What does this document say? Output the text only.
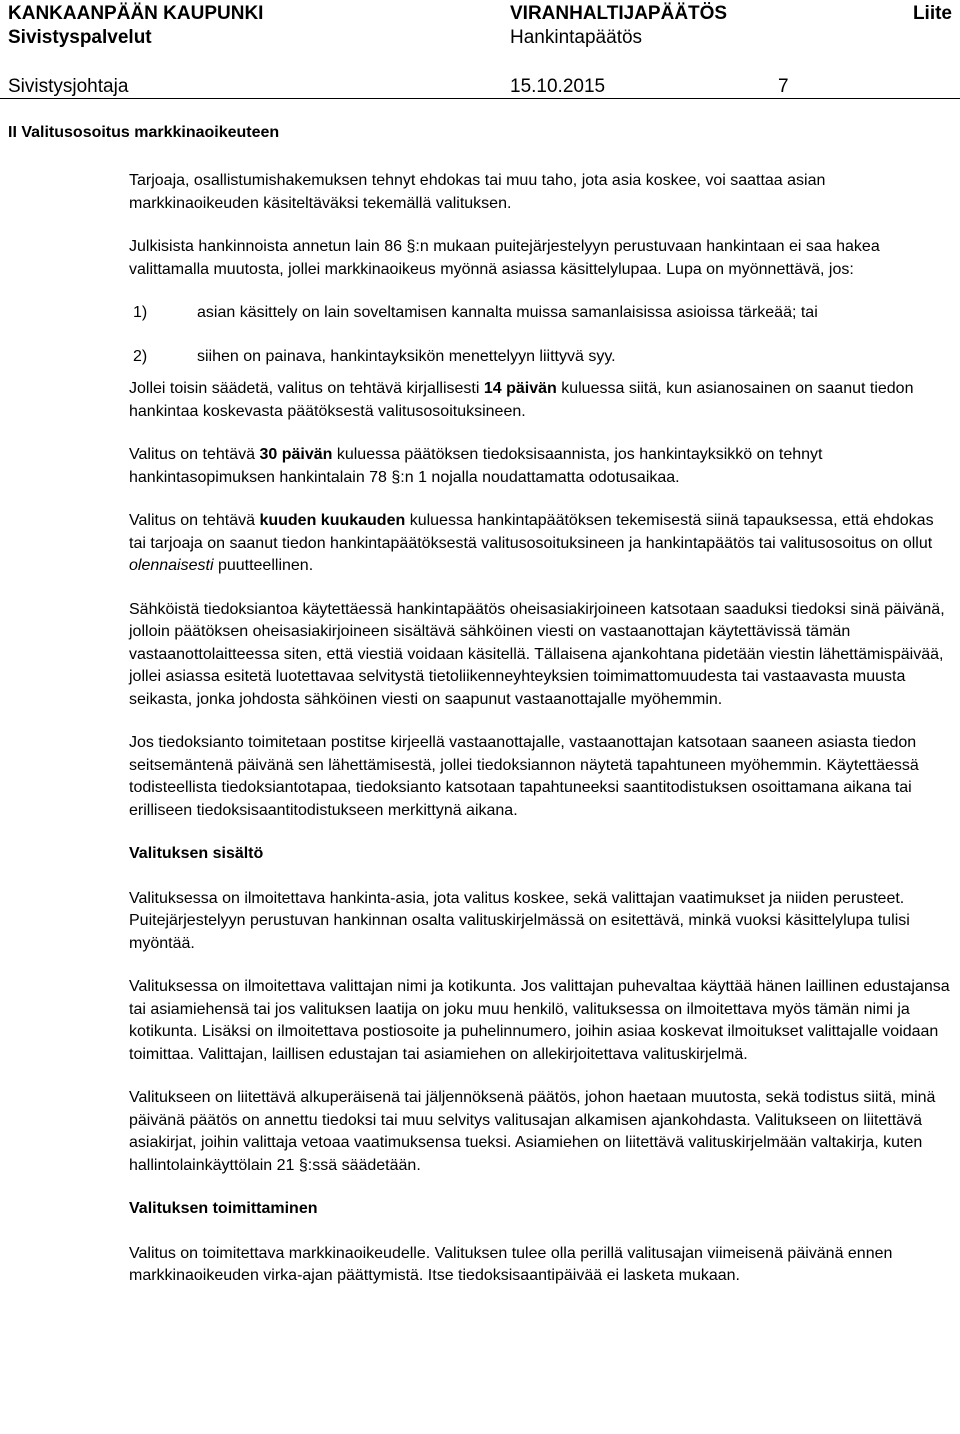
KANKAANPÄÄN KAUPUNKI	VIRANHALTIJAPÄÄTÖS	Liite
Sivistyspalvelut	Hankintapäätös
Sivistysjohtaja	15.10.2015	7
II Valitusosoitus markkinaoikeuteen

Tarjoaja, osallistumishakemuksen tehnyt ehdokas tai muu taho, jota asia koskee, voi saattaa asian markkinaoikeuden käsiteltäväksi tekemällä valituksen.

Julkisista hankinnoista annetun lain 86 §:n mukaan puitejärjestelyyn perustuvaan hankintaan ei saa hakea valittamalla muutosta, jollei markkinaoikeus myönnä asiassa käsittelylupaa. Lupa on myönnettävä, jos:

1)	asian käsittely on lain soveltamisen kannalta muissa samanlaisissa asioissa tärkeää; tai
2)	siihen on painava, hankintayksikön menettelyyn liittyvä syy.

Jollei toisin säädetä, valitus on tehtävä kirjallisesti 14 päivän kuluessa siitä, kun asianosainen on saanut tiedon hankintaa koskevasta päätöksestä valitusosoituksineen.

Valitus on tehtävä 30 päivän kuluessa päätöksen tiedoksisaannista, jos hankintayksikkö on tehnyt hankintasopimuksen hankintalain 78 §:n 1 nojalla noudattamatta odotusaikaa.

Valitus on tehtävä kuuden kuukauden kuluessa hankintapäätöksen tekemisestä siinä tapauksessa, että ehdokas tai tarjoaja on saanut tiedon hankintapäätöksestä valitusosoituksineen ja hankintapäätös tai valitusosoitus on ollut olennaisesti puutteellinen.

Sähköistä tiedoksiantoa käytettäessä hankintapäätös oheisasiakirjoineen katsotaan saaduksi tiedoksi sinä päivänä, jolloin päätöksen oheisasiakirjoineen sisältävä sähköinen viesti on vastaanottajan käytettävissä tämän vastaanottolaitteessa siten, että viestiä voidaan käsitellä. Tällaisena ajankohtana pidetään viestin lähettämispäivää, jollei asiassa esitetä luotettavaa selvitystä tietoliikenneyhteyksien toimimattomuudesta tai vastaavasta muusta seikasta, jonka johdosta sähköinen viesti on saapunut vastaanottajalle myöhemmin.

Jos tiedoksianto toimitetaan postitse kirjeellä vastaanottajalle, vastaanottajan katsotaan saaneen asiasta tiedon seitsemäntenä päivänä sen lähettämisestä, jollei tiedoksiannon näytetä tapahtuneen myöhemmin. Käytettäessä todisteellista tiedoksiantotapaa, tiedoksianto katsotaan tapahtuneeksi saantitodistuksen osoittamana aikana tai erilliseen tiedoksisaantitodistukseen merkittynä aikana.

Valituksen sisältö

Valituksessa on ilmoitettava hankinta-asia, jota valitus koskee, sekä valittajan vaatimukset ja niiden perusteet. Puitejärjestelyyn perustuvan hankinnan osalta valituskirjelmässä on esitettävä, minkä vuoksi käsittelylupa tulisi myöntää.

Valituksessa on ilmoitettava valittajan nimi ja kotikunta. Jos valittajan puhevaltaa käyttää hänen laillinen edustajansa tai asiamiehensä tai jos valituksen laatija on joku muu henkilö, valituksessa on ilmoitettava myös tämän nimi ja kotikunta. Lisäksi on ilmoitettava postiosoite ja puhelinnumero, joihin asiaa koskevat ilmoitukset valittajalle voidaan toimittaa. Valittajan, laillisen edustajan tai asiamiehen on allekirjoitettava valituskirjelmä.

Valitukseen on liitettävä alkuperäisenä tai jäljennöksenä päätös, johon haetaan muutosta, sekä todistus siitä, minä päivänä päätös on annettu tiedoksi tai muu selvitys valitusajan alkamisen ajankohdasta. Valitukseen on liitettävä asiakirjat, joihin valittaja vetoaa vaatimuksensa tueksi. Asiamiehen on liitettävä valituskirjelmään valtakirja, kuten hallintolainkäyttölain 21 §:ssä säädetään.

Valituksen toimittaminen

Valitus on toimitettava markkinaoikeudelle. Valituksen tulee olla perillä valitusajan viimeisenä päivänä ennen markkinaoikeuden virka-ajan päättymistä. Itse tiedoksisaantipäivää ei lasketa mukaan.
